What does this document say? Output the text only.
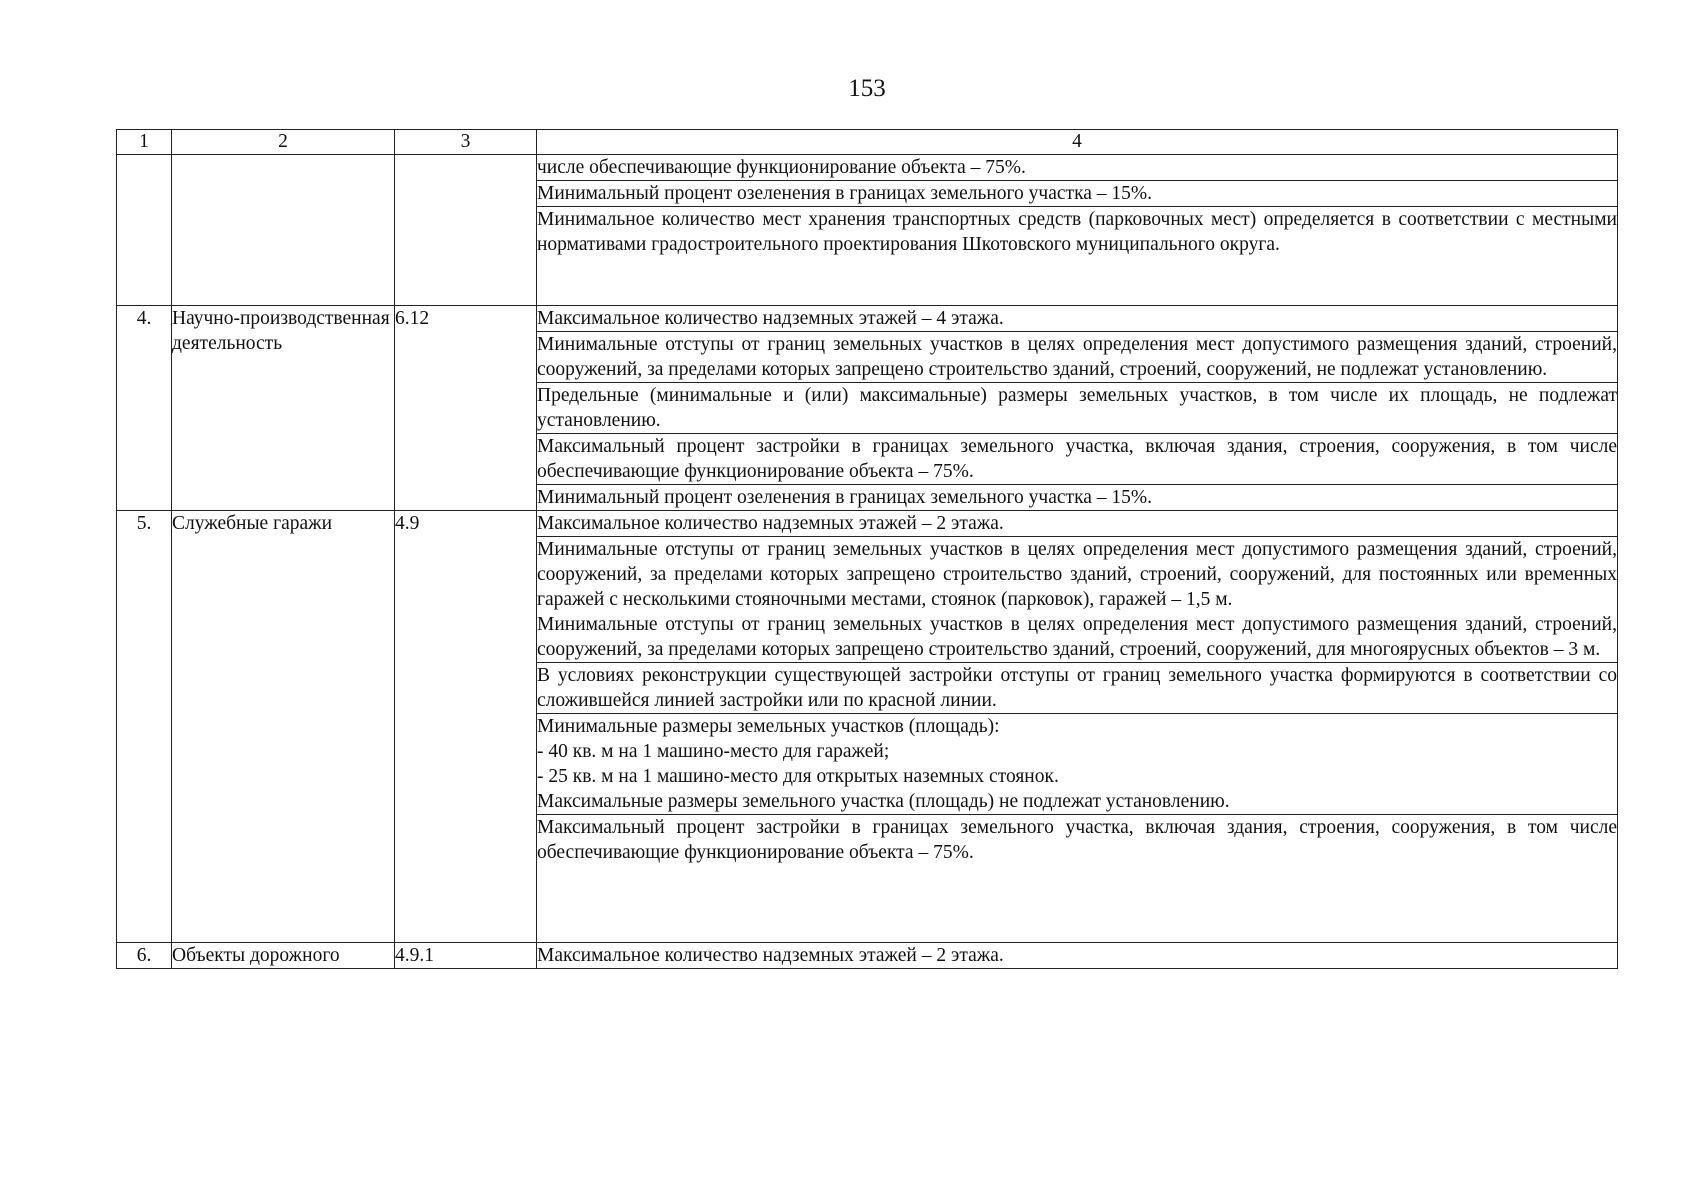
153
1	2	3	4
			числе обеспечивающие функционирование объекта – 75%.
			Минимальный процент озеленения в границах земельного участка – 15%.
			Минимальное количество мест хранения транспортных средств (парковочных мест) определяется в соответствии с местными нормативами градостроительного проектирования Шкотовского муниципального округа.
4.	Научно-производственная деятельность	6.12	Максимальное количество надземных этажей – 4 этажа.
			Минимальные отступы от границ земельных участков в целях определения мест допустимого размещения зданий, строений, сооружений, за пределами которых запрещено строительство зданий, строений, сооружений, не подлежат установлению.
			Предельные (минимальные и (или) максимальные) размеры земельных участков, в том числе их площадь, не подлежат установлению.
			Максимальный процент застройки в границах земельного участка, включая здания, строения, сооружения, в том числе обеспечивающие функционирование объекта – 75%.
			Минимальный процент озеленения в границах земельного участка – 15%.
5.	Служебные гаражи	4.9	Максимальное количество надземных этажей – 2 этажа.

			Минимальные отступы от границ земельных участков в целях определения мест допустимого размещения зданий, строений, сооружений, за пределами которых запрещено строительство зданий, строений, сооружений, для постоянных или временных гаражей с несколькими стояночными местами, стоянок (парковок), гаражей – 1,5 м.
Минимальные отступы от границ земельных участков в целях определения мест допустимого размещения зданий, строений, сооружений, за пределами которых запрещено строительство зданий, строений, сооружений, для многоярусных объектов – 3 м.

			В условиях реконструкции существующей застройки отступы от границ земельного участка формируются в соответствии со сложившейся линией застройки или по красной линии.

			Минимальные размеры земельных участков (площадь):
- 40 кв. м на 1 машино-место для гаражей;
- 25 кв. м на 1 машино-место для открытых наземных стоянок.
Максимальные размеры земельного участка (площадь) не подлежат установлению.

			Максимальный процент застройки в границах земельного участка, включая здания, строения, сооружения, в том числе обеспечивающие функционирование объекта – 75%.
6.	Объекты дорожного	4.9.1	Максимальное количество надземных этажей – 2 этажа.
